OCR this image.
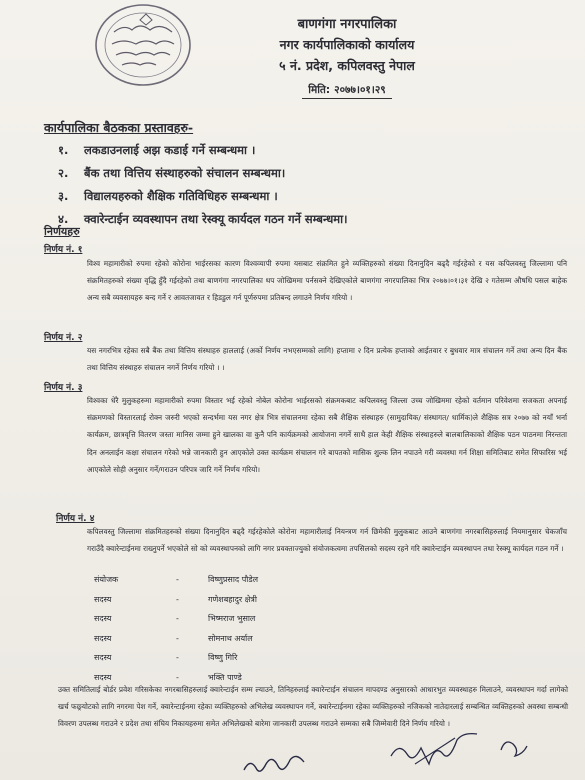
बाणगंगा नगरपालिका
नगर कार्यपालिकाको कार्यालय
५ नं. प्रदेश, कपिलवस्तु नेपाल
मिति: २०७७।०१।२९
कार्यपालिका बैठकका प्रस्तावहरु-
१.	लकडाउनलाई अझ कडाई गर्ने सम्बन्धमा ।
२.	बैंक तथा वित्तिय संस्थाहरुको संचालन सम्बन्धमा।
३.	विद्यालयहरुको शैक्षिक गतिविधिहरु सम्बन्धमा ।
४.	क्वारेन्टाईन व्यवस्थापन तथा रेस्क्यू कार्यदल गठन गर्ने सम्बन्धमा।
निर्णयहरु
निर्णय नं. १
विश्व महामारीको रुपमा रहेको कोरोना भाईरसका कारण विश्वव्यापी रुपमा यसबाट संक्रमित हुने व्यक्तिहरुको संख्या दिनानुदिन बढ्दै गईरहेको र यस कपिलवस्तु जिल्लामा पनि संक्रमितहरुको संख्या वृद्धि हुँदै गईरहेको तथा बाणगंगा नगरपालिका थप जोखिममा पर्नसक्ने देखिएकोले बाणगंगा नगरपालिका भित्र २०७७।०१।३१ देखि २ गतेसम्म औषधि पसल बाहेक अन्य सबै व्यवसायहरु बन्द गर्ने र आवतजावत र हिडडुल गर्न पूर्णरुपमा प्रतिबन्द लगाउने निर्णय गरियो ।
निर्णय नं. २
यस नगरभित्र रहेका सबै बैंक तथा वित्तिय संस्थाहरु हाललाई (अर्को निर्णय नभएसम्मको लागि) हप्तामा २ दिन प्रत्येक हप्ताको आईतवार र बुधवार मात्र संचालन गर्ने तथा अन्य दिन बैंक तथा वित्तिय संस्थाहरु संचालन नगर्ने निर्णय गरियो । ।
निर्णय नं. ३
विश्वका धेरै मुलुकहरुमा महामारीको रुपमा विस्तार भई रहेको नोबेल कोरोना भाईरसको संक्रमकबाट कपिलवस्तु जिल्ला उच्च जोखिममा रहेको वर्तमान परिवेशमा सजकता अपनाई संक्रमणको विस्तारलाई रोक्न जरुरी भएको सन्दर्भमा यस नगर क्षेत्र भित्र संचालनमा रहेका सबै शैक्षिक संस्थाहरु (सामुदायिक/ संस्थागत/ धार्मिक)ले शैक्षिक सत्र २०७७ को नयाँ भर्ना कार्यक्रम, छात्रवृत्ति वितरण जस्ता मानिस जम्मा हुने खालका वा कुनै पनि कार्यक्रमको आयोजना नगर्ने साथै हाल केही शैक्षिक संस्थाहरुले बालबालिकाको शैक्षिक पठन पाठनमा निरन्तता दिन अनलाईन कक्षा संचालन गरेको भन्ने जानकारी हुन आएकोले उक्त कार्यक्रम संचालन गरे बापतको मासिक शुल्क लिन नपाउने गरी व्यवस्था गर्न शिक्षा समितिबाट समेत सिफारिस भई आएकोले सोही अनुसार गर्ने/गराउन परिपत्र जारि गर्ने निर्णय गरियो।
निर्णय नं. ४
कपिलवस्तु जिल्लामा संक्रमितहरुको संख्या दिनानुदिन बढ्दै गईरहेकोले कोरोना महामारीलाई नियन्त्रण गर्न छिमेकी मुलुकबाट आउने बाणगंगा नगरबासिहरुलाई नियमानुसार चेकजाँच गराउँदै क्वारेन्टाईनमा राख्नुपर्ने भएकोले सो को व्यवस्थापनको लागि नगर प्रवक्ताज्युको संयोजकत्वमा तपसिलको सदस्य रहने गरि क्वारेन्टाईन व्यवस्थापन तथा रेस्क्यू कार्यदल गठन गर्ने ।
संयोजक	-	विष्णुप्रसाद पौडेल
सदस्य	-	गणेशबहादुर क्षेत्री
सदस्य	-	भिष्मराज भुसाल
सदस्य	-	सोमनाथ अर्याल
सदस्य	-	विष्णु गिरि
सदस्य	-	भक्ति पाण्डे
उक्त समितिलाई बोर्डर प्रवेश गरिसकेका नगरबासिहरुलाई क्वारेन्टाईन सम्म ल्याउने, तिनिहरुलाई क्वारेन्टाईन संचालन मापदण्ड अनुसारको आधारभुत व्यवस्थाहरु मिलाउने, व्यवस्थापन गर्दा लागेको खर्च फछ्र्योटको लागि नगरमा पेश गर्ने, क्वारेन्टाईनमा रहेका व्यक्तिहरुको अभिलेख व्यवस्थापन गर्ने, क्वारेन्टाईनमा रहेका व्यक्तिहरुको नजिकको नातेदारलाई सम्बन्धित व्यक्तिहरुको अवस्था सम्बन्धी विवरण उपलब्ध गराउने र प्रदेश तथा संघिय निकायहरुमा समेत अभिलेखको बारेमा जानकारी उपलब्ध गराउने सम्मका सबै जिम्मेवारी दिने निर्णय गरियो ।
